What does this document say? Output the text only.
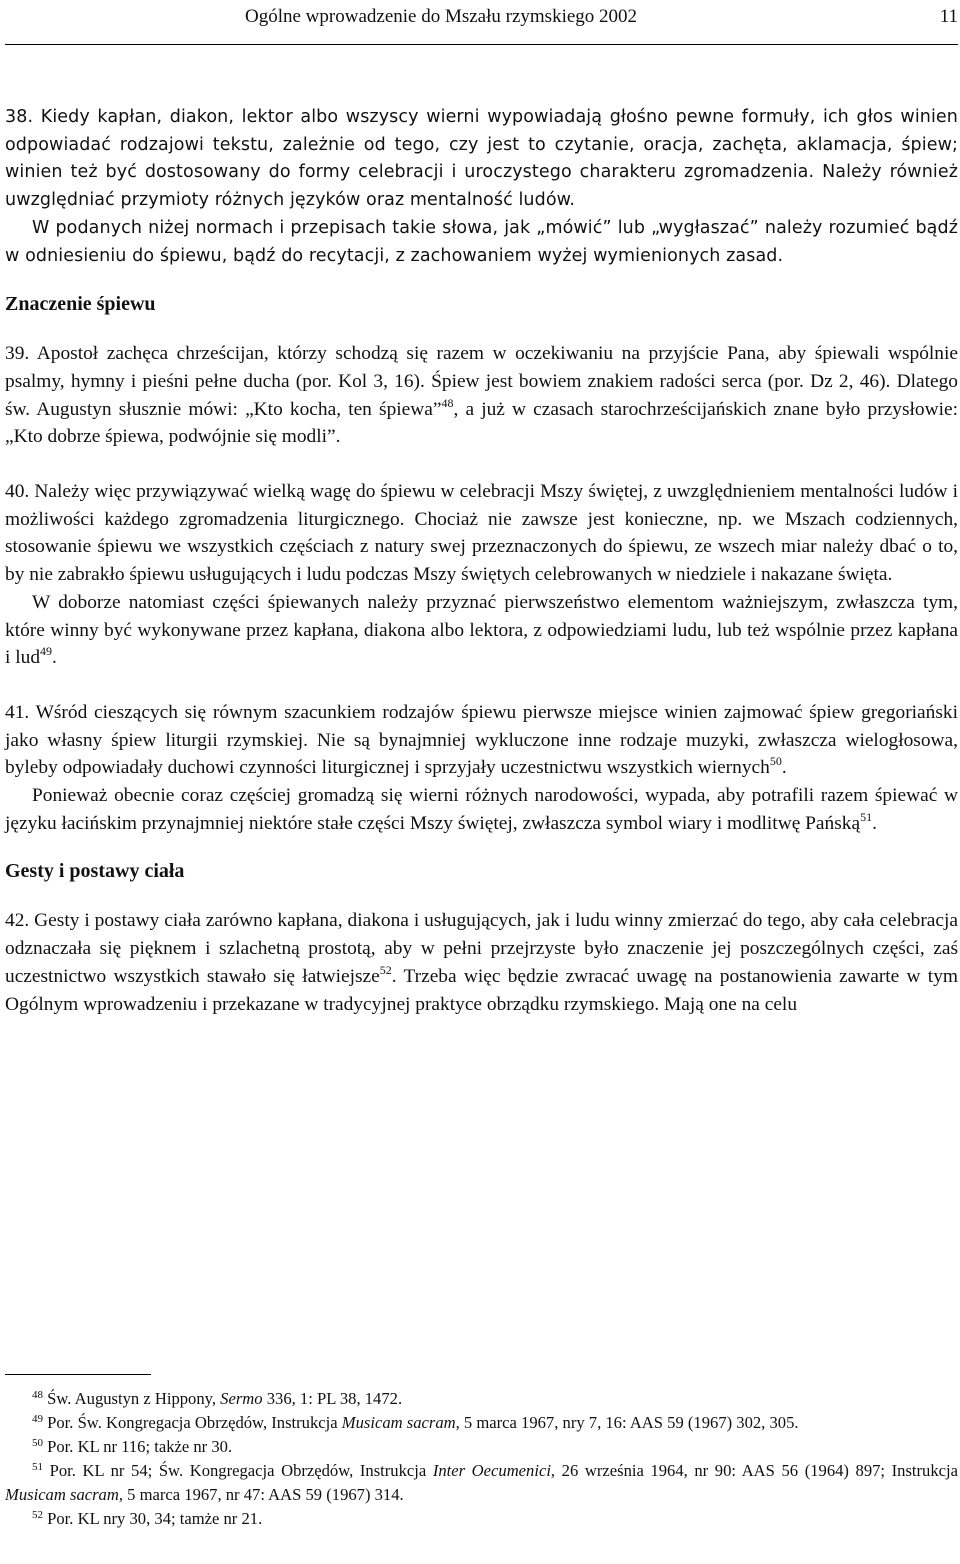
Ogólne wprowadzenie do Mszału rzymskiego 2002	11

38. Kiedy kapłan, diakon, lektor albo wszyscy wierni wypowiadają głośno pewne formuły, ich głos winien odpowiadać rodzajowi tekstu, zależnie od tego, czy jest to czytanie, oracja, zachęta, aklamacja, śpiew; winien też być dostosowany do formy celebracji i uroczystego charakteru zgromadzenia. Należy również uwzględniać przymioty różnych języków oraz mentalność ludów.

W podanych niżej normach i przepisach takie słowa, jak „mówić” lub „wygłaszać” należy rozumieć bądź w odniesieniu do śpiewu, bądź do recytacji, z zachowaniem wyżej wymienionych zasad.

Znaczenie śpiewu

39. Apostoł zachęca chrześcijan, którzy schodzą się razem w oczekiwaniu na przyjście Pana, aby śpiewali wspólnie psalmy, hymny i pieśni pełne ducha (por. Kol 3, 16). Śpiew jest bowiem znakiem radości serca (por. Dz 2, 46). Dlatego św. Augustyn słusznie mówi: „Kto kocha, ten śpiewa”$^{48}$, a już w czasach starochrześcijańskich znane było przysłowie: „Kto dobrze śpiewa, podwójnie się modli”.

40. Należy więc przywiązywać wielką wagę do śpiewu w celebracji Mszy świętej, z uwzględnieniem mentalności ludów i możliwości każdego zgromadzenia liturgicznego. Chociaż nie zawsze jest konieczne, np. we Mszach codziennych, stosowanie śpiewu we wszystkich częściach z natury swej przeznaczonych do śpiewu, ze wszech miar należy dbać o to, by nie zabrakło śpiewu usługujących i ludu podczas Mszy świętych celebrowanych w niedziele i nakazane święta.

W doborze natomiast części śpiewanych należy przyznać pierwszeństwo elementom ważniejszym, zwłaszcza tym, które winny być wykonywane przez kapłana, diakona albo lektora, z odpowiedziami ludu, lub też wspólnie przez kapłana i lud$^{49}$.

41. Wśród cieszących się równym szacunkiem rodzajów śpiewu pierwsze miejsce winien zajmować śpiew gregoriański jako własny śpiew liturgii rzymskiej. Nie są bynajmniej wykluczone inne rodzaje muzyki, zwłaszcza wielogłosowa, byleby odpowiadały duchowi czynności liturgicznej i sprzyjały uczestnictwu wszystkich wiernych$^{50}$.

Ponieważ obecnie coraz częściej gromadzą się wierni różnych narodowości, wypada, aby potrafili razem śpiewać w języku łacińskim przynajmniej niektóre stałe części Mszy świętej, zwłaszcza symbol wiary i modlitwę Pańską$^{51}$.

Gesty i postawy ciała

42. Gesty i postawy ciała zarówno kapłana, diakona i usługujących, jak i ludu winny zmierzać do tego, aby cała celebracja odznaczała się pięknem i szlachetną prostotą, aby w pełni przejrzyste było znaczenie jej poszczególnych części, zaś uczestnictwo wszystkich stawało się łatwiejsze$^{52}$. Trzeba więc będzie zwracać uwagę na postanowienia zawarte w tym Ogólnym wprowadzeniu i przekazane w tradycyjnej praktyce obrządku rzymskiego. Mają one na celu

$^{48}$ Św. Augustyn z Hippony, Sermo 336, 1: PL 38, 1472.

$^{49}$ Por. Św. Kongregacja Obrzędów, Instrukcja Musicam sacram, 5 marca 1967, nry 7, 16: AAS 59 (1967) 302, 305.

$^{50}$ Por. KL nr 116; także nr 30.

$^{51}$ Por. KL nr 54; Św. Kongregacja Obrzędów, Instrukcja Inter Oecumenici, 26 września 1964, nr 90: AAS 56 (1964) 897; Instrukcja Musicam sacram, 5 marca 1967, nr 47: AAS 59 (1967) 314.

$^{52}$ Por. KL nry 30, 34; tamże nr 21.
